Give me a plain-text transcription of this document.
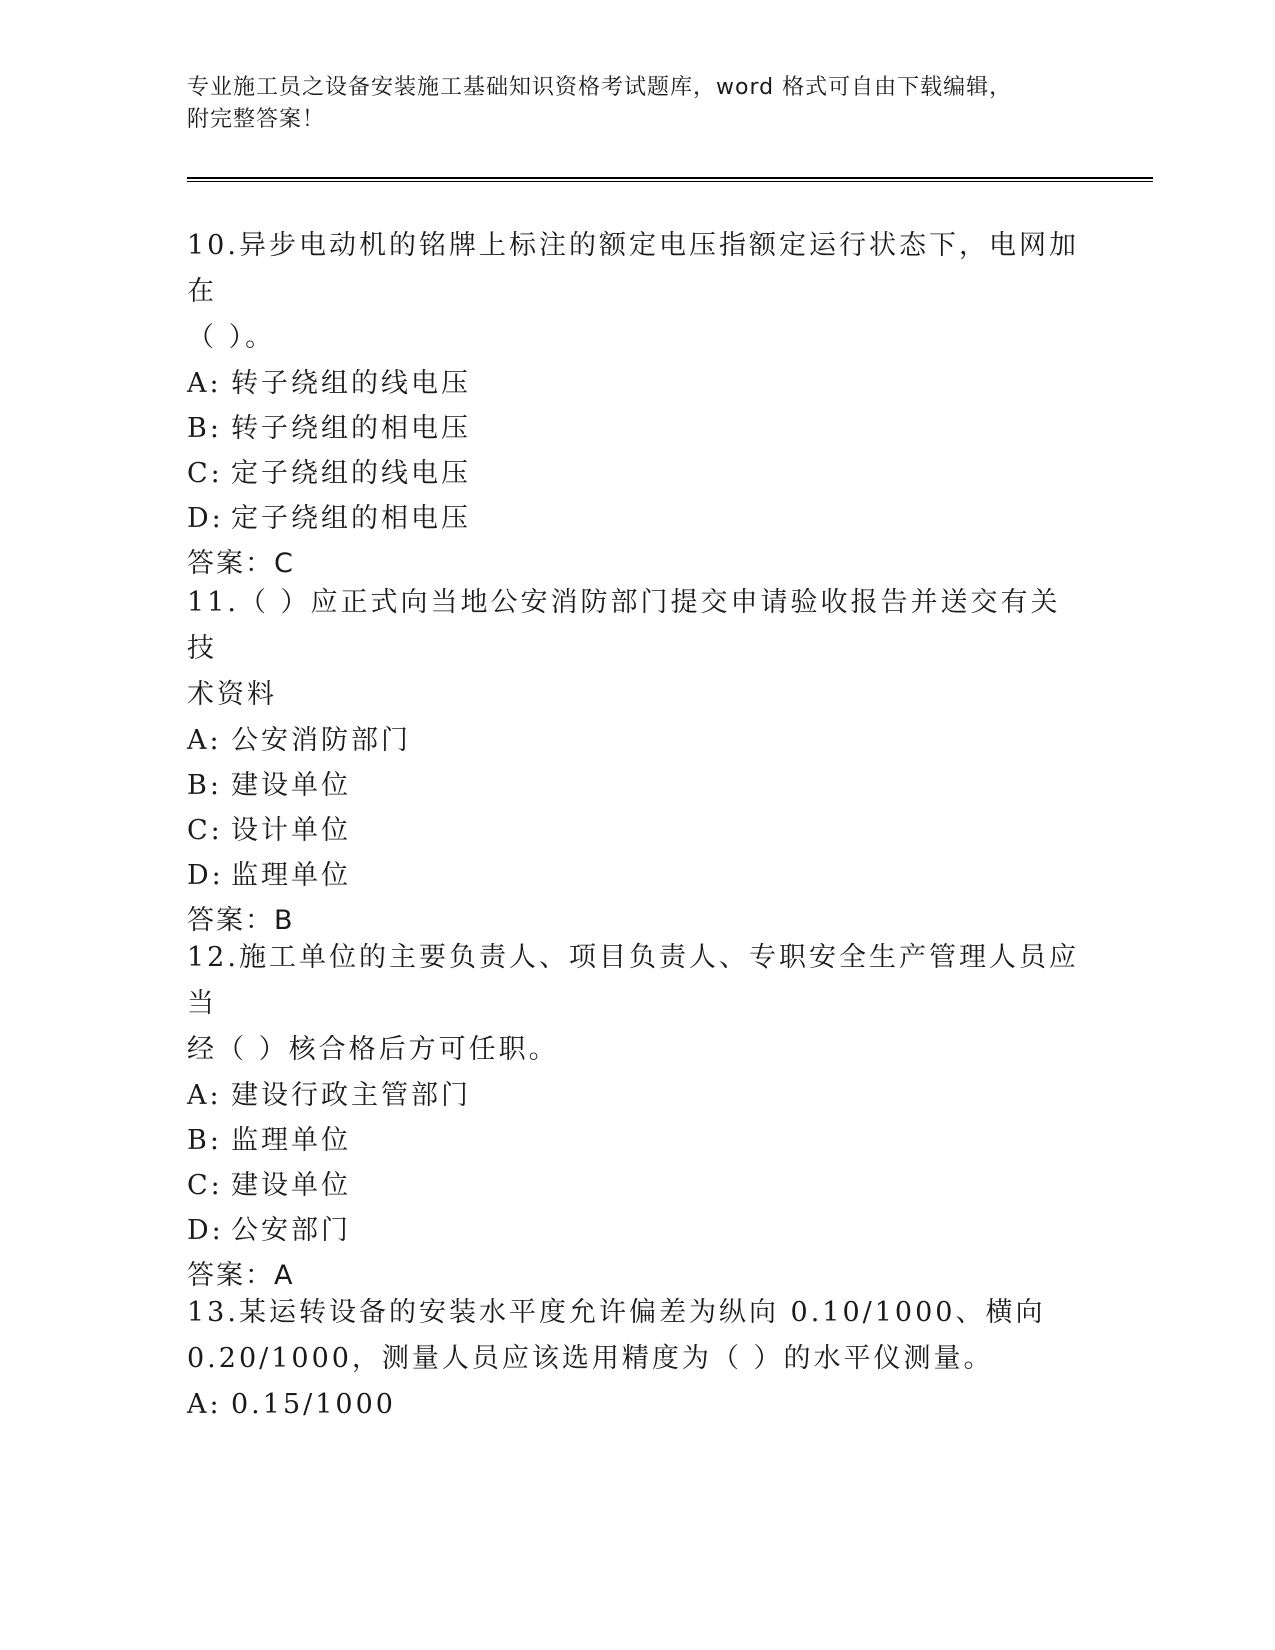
专业施工员之设备安装施工基础知识资格考试题库，word 格式可自由下载编辑，
附完整答案！
10.异步电动机的铭牌上标注的额定电压指额定运行状态下，电网加在
（ ）。
A: 转子绕组的线电压
B: 转子绕组的相电压
C: 定子绕组的线电压
D: 定子绕组的相电压
答案：C
11.（ ）应正式向当地公安消防部门提交申请验收报告并送交有关技
术资料
A: 公安消防部门
B: 建设单位
C: 设计单位
D: 监理单位
答案：B
12.施工单位的主要负责人、项目负责人、专职安全生产管理人员应当
经（ ）核合格后方可任职。
A: 建设行政主管部门
B: 监理单位
C: 建设单位
D: 公安部门
答案：A
13.某运转设备的安装水平度允许偏差为纵向 0.10/1000、横向
0.20/1000，测量人员应该选用精度为（ ）的水平仪测量。
A: 0.15/1000
